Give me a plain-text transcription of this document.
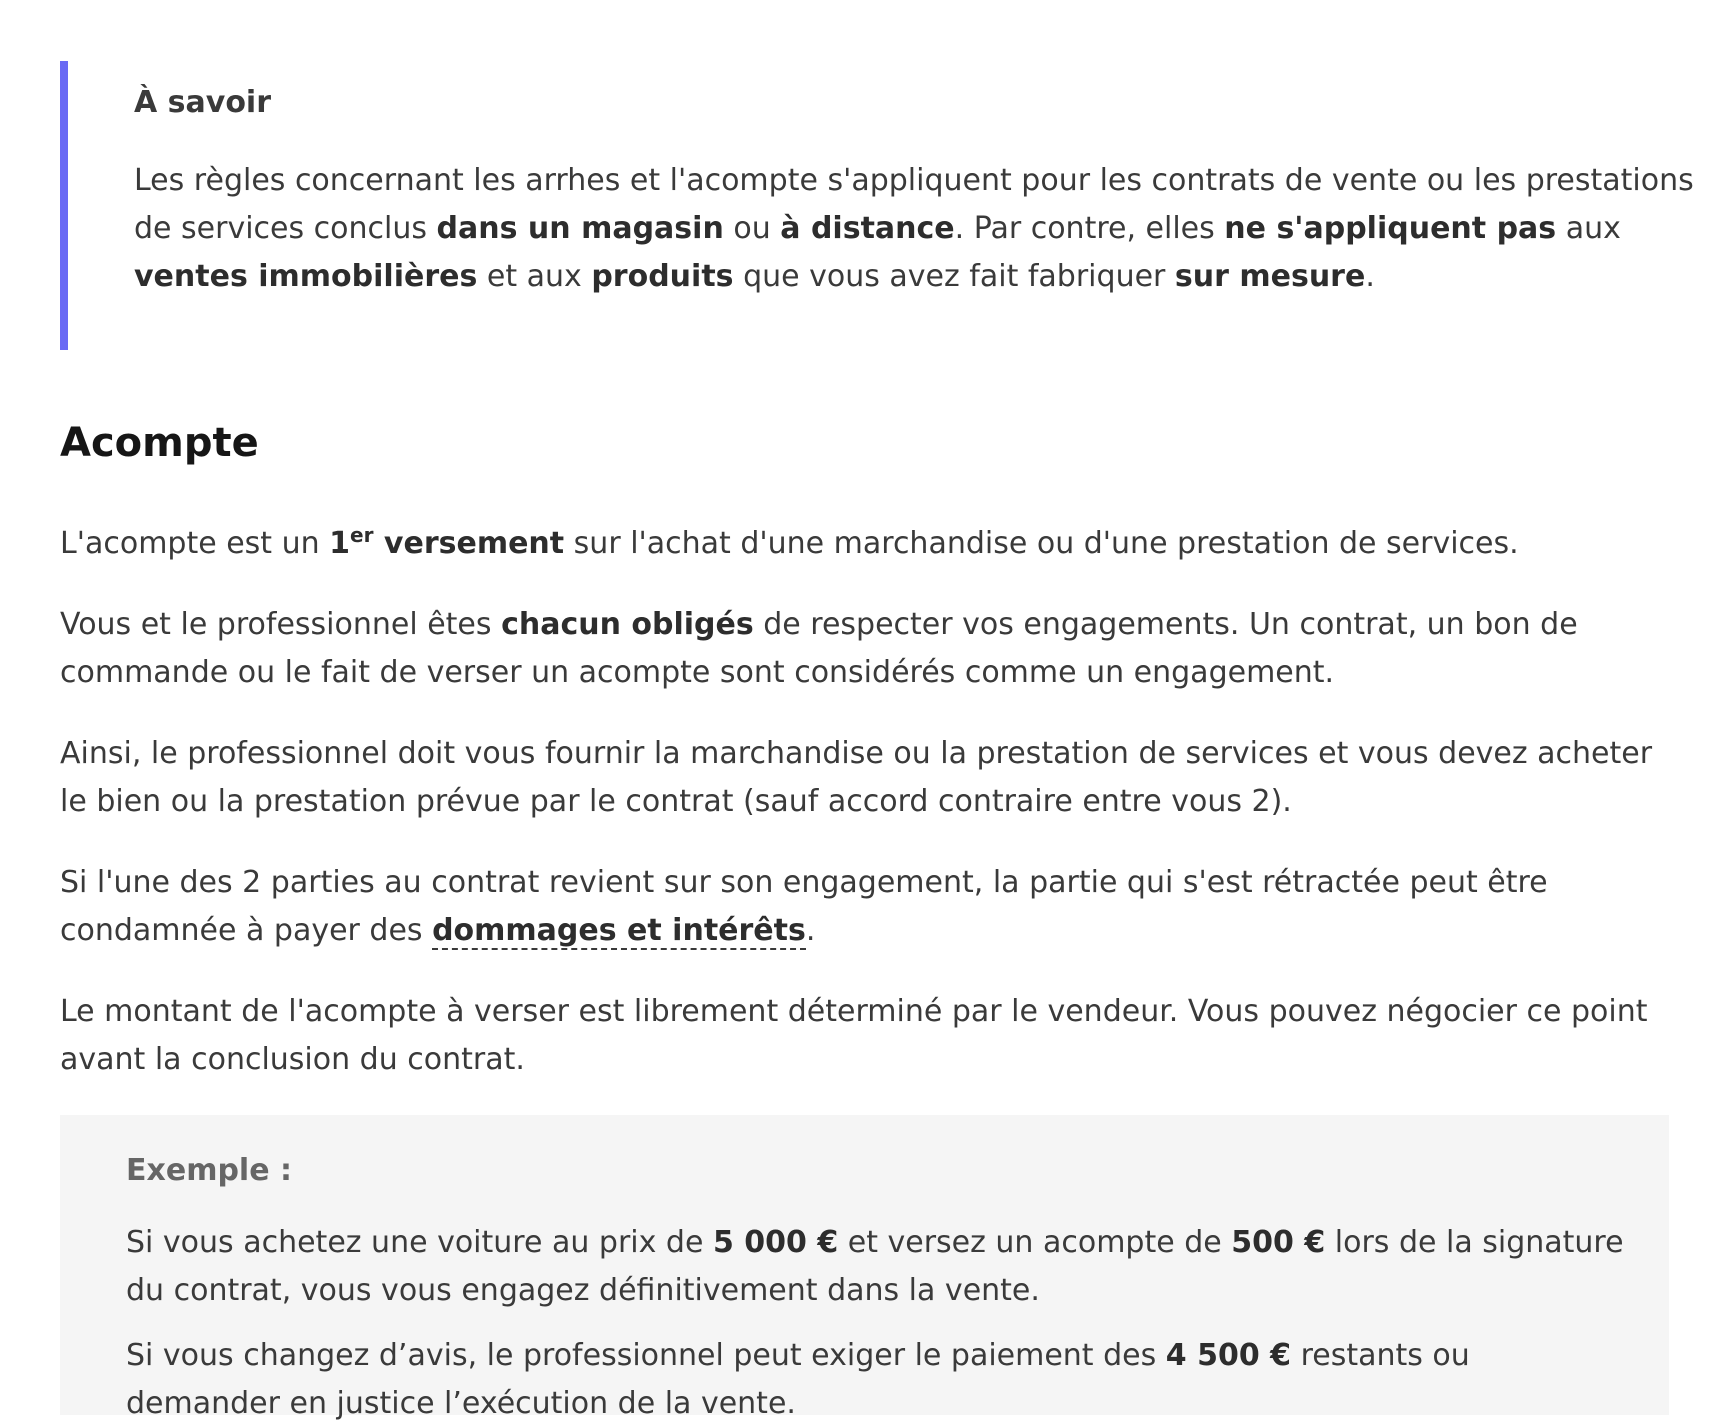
À savoir

Les règles concernant les arrhes et l'acompte s'appliquent pour les contrats de vente ou les prestations de services conclus dans un magasin ou à distance. Par contre, elles ne s'appliquent pas aux ventes immobilières et aux produits que vous avez fait fabriquer sur mesure.

Acompte

L'acompte est un 1er versement sur l'achat d'une marchandise ou d'une prestation de services.

Vous et le professionnel êtes chacun obligés de respecter vos engagements. Un contrat, un bon de commande ou le fait de verser un acompte sont considérés comme un engagement.

Ainsi, le professionnel doit vous fournir la marchandise ou la prestation de services et vous devez acheter le bien ou la prestation prévue par le contrat (sauf accord contraire entre vous 2).

Si l'une des 2 parties au contrat revient sur son engagement, la partie qui s'est rétractée peut être condamnée à payer des dommages et intérêts.

Le montant de l'acompte à verser est librement déterminé par le vendeur. Vous pouvez négocier ce point avant la conclusion du contrat.

Exemple :

Si vous achetez une voiture au prix de 5 000 € et versez un acompte de 500 € lors de la signature du contrat, vous vous engagez définitivement dans la vente.

Si vous changez d’avis, le professionnel peut exiger le paiement des 4 500 € restants ou demander en justice l’exécution de la vente.
